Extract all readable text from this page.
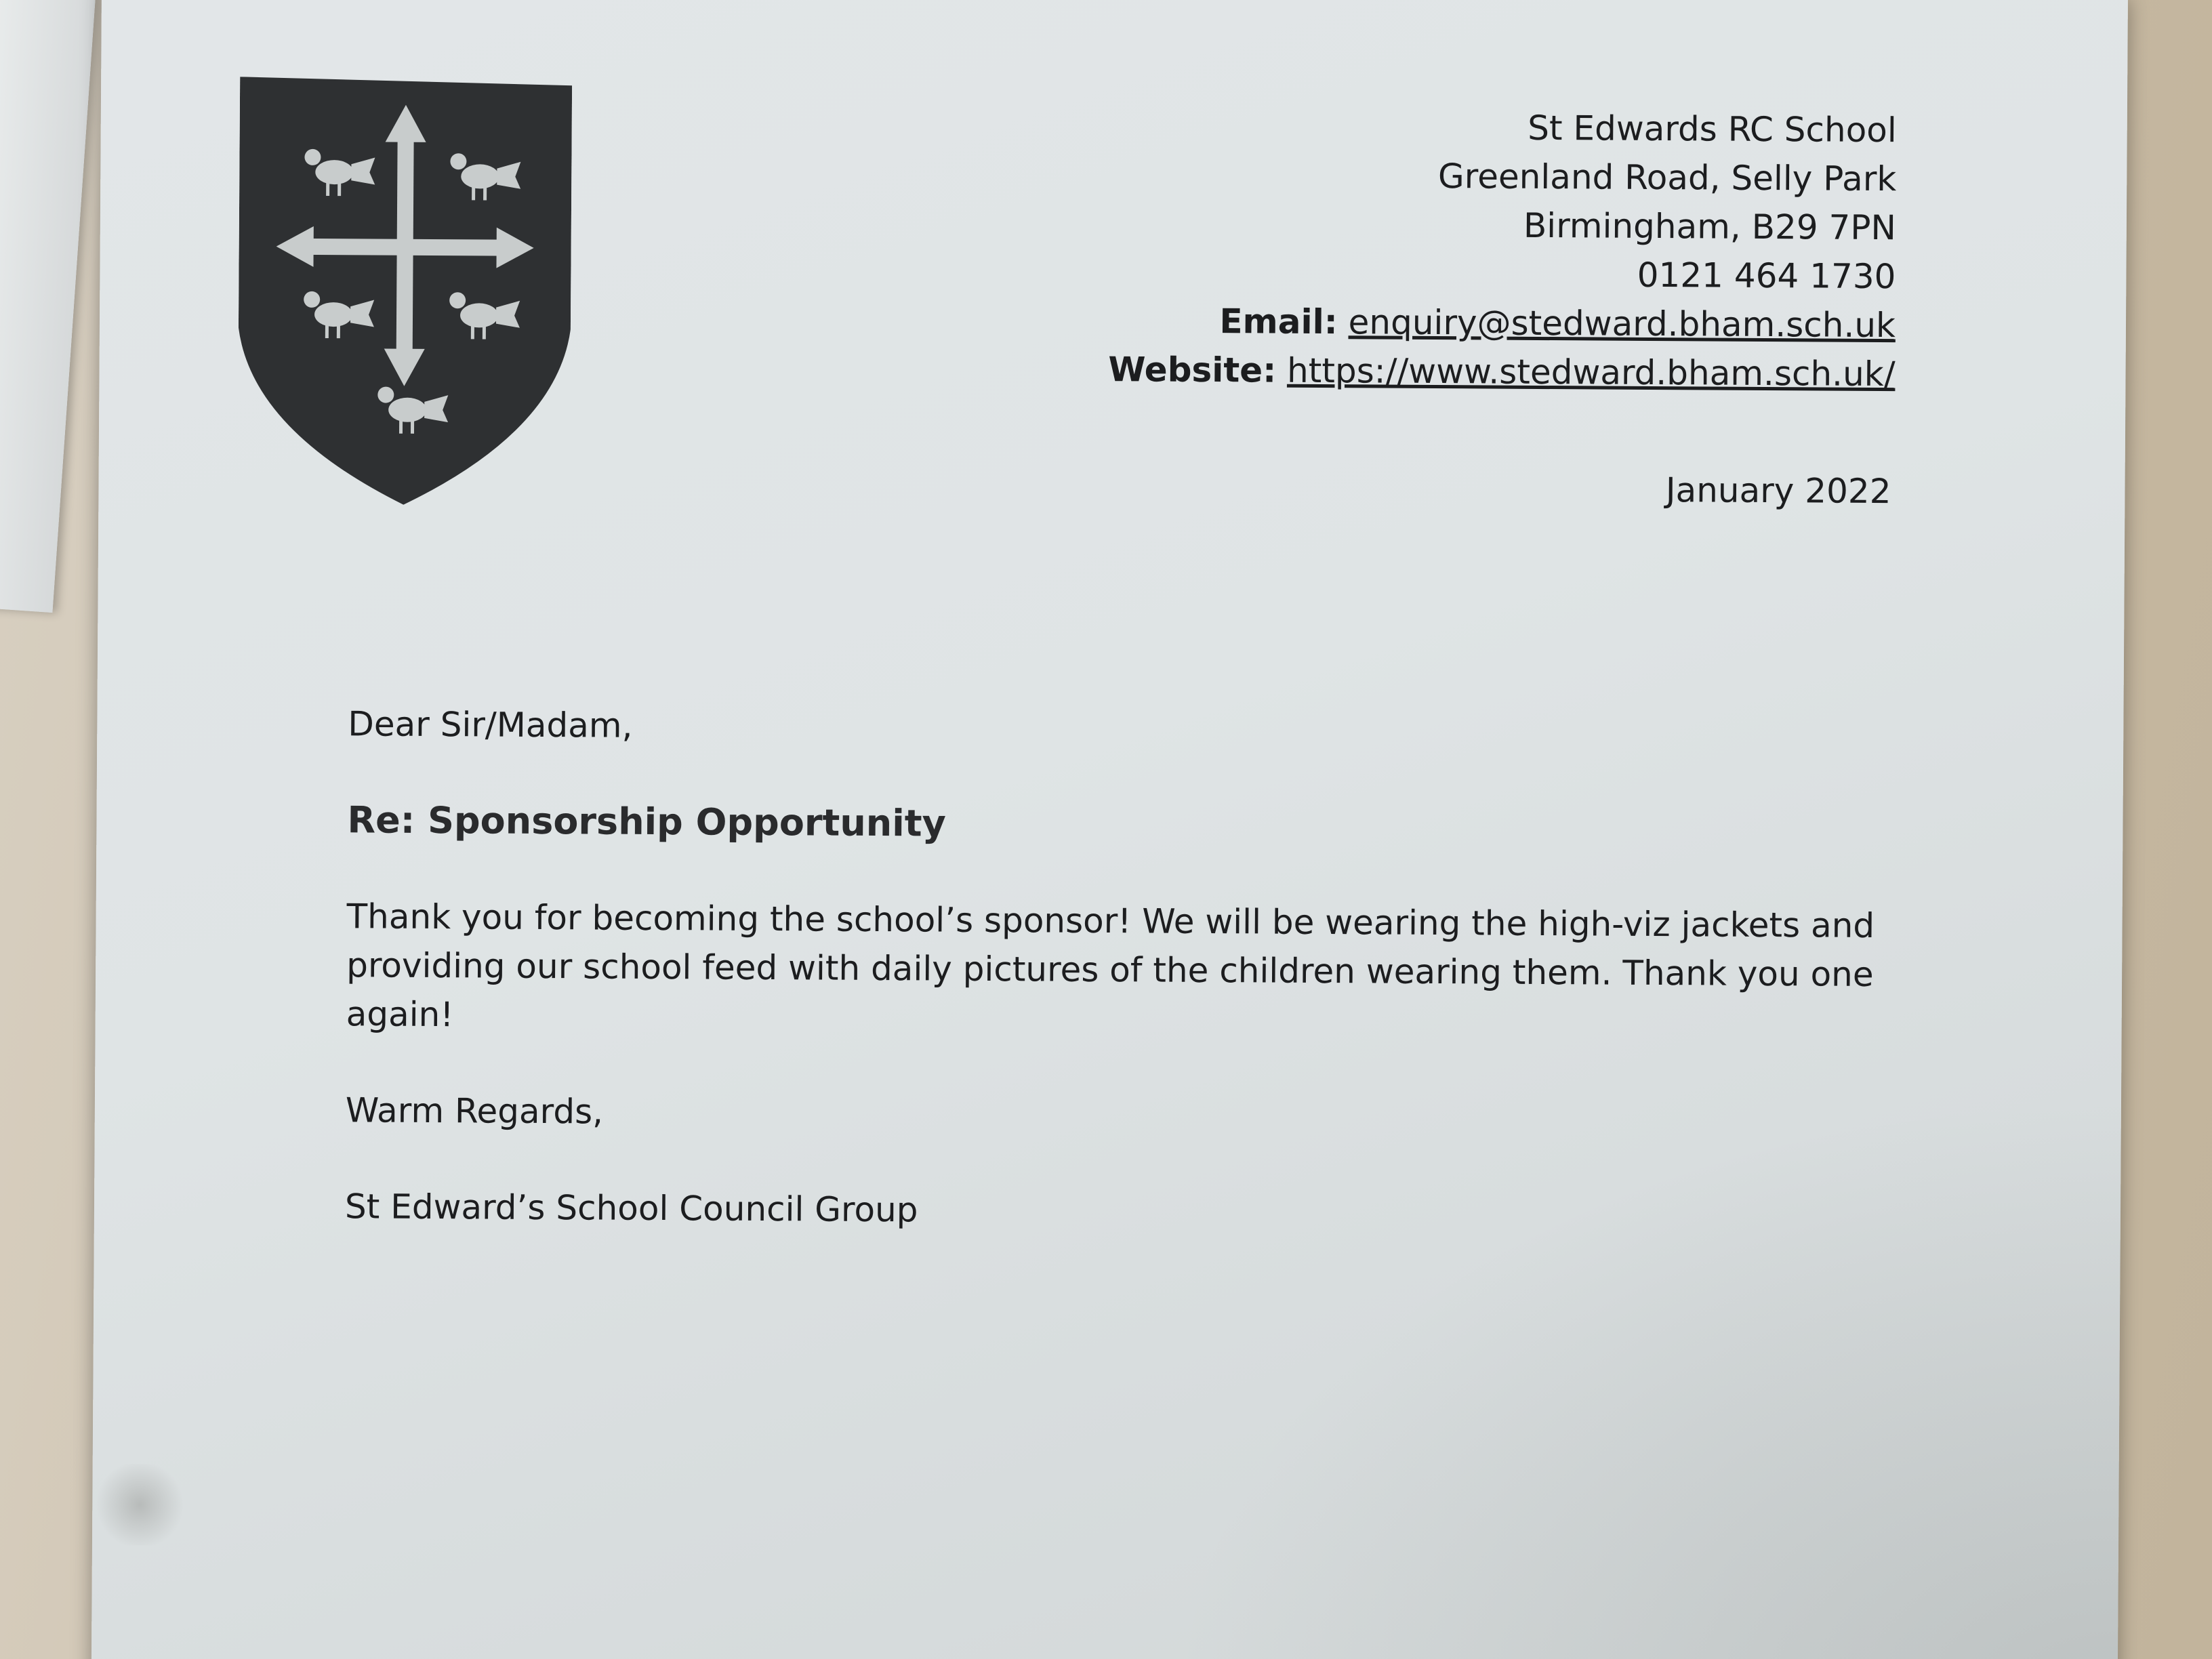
St Edwards RC School
Greenland Road, Selly Park
Birmingham, B29 7PN
0121 464 1730
Email: enquiry@stedward.bham.sch.uk
Website: https://www.stedward.bham.sch.uk/
January 2022
Dear Sir/Madam,
Re: Sponsorship Opportunity
Thank you for becoming the school’s sponsor! We will be wearing the high-viz jackets and
providing our school feed with daily pictures of the children wearing them. Thank you one again!
Warm Regards,
St Edward’s School Council Group
